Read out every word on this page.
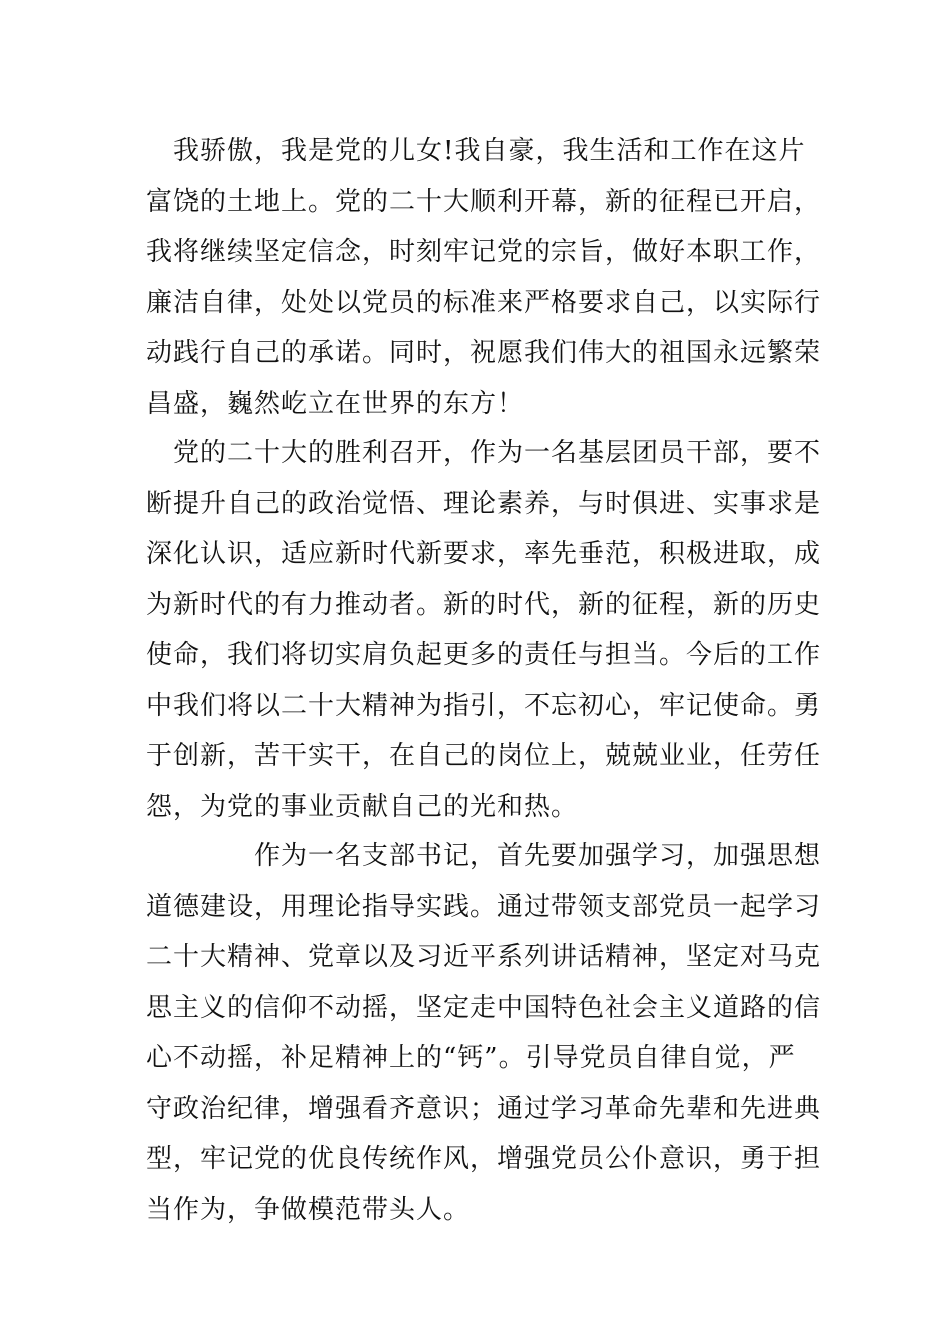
　我骄傲，我是党的儿女!我自豪，我生活和工作在这片
富饶的土地上。党的二十大顺利开幕，新的征程已开启，
我将继续坚定信念，时刻牢记党的宗旨，做好本职工作，
廉洁自律，处处以党员的标准来严格要求自己，以实际行
动践行自己的承诺。同时，祝愿我们伟大的祖国永远繁荣
昌盛，巍然屹立在世界的东方！
　党的二十大的胜利召开，作为一名基层团员干部，要不
断提升自己的政治觉悟、理论素养，与时俱进、实事求是
深化认识，适应新时代新要求，率先垂范，积极进取，成
为新时代的有力推动者。新的时代，新的征程，新的历史
使命，我们将切实肩负起更多的责任与担当。今后的工作
中我们将以二十大精神为指引，不忘初心，牢记使命。勇
于创新，苦干实干，在自己的岗位上，兢兢业业，任劳任
怨，为党的事业贡献自己的光和热。
　　　　作为一名支部书记，首先要加强学习，加强思想
道德建设，用理论指导实践。通过带领支部党员一起学习
二十大精神、党章以及习近平系列讲话精神，坚定对马克
思主义的信仰不动摇，坚定走中国特色社会主义道路的信
心不动摇，补足精神上的“钙”。引导党员自律自觉，严
守政治纪律，增强看齐意识；通过学习革命先辈和先进典
型，牢记党的优良传统作风，增强党员公仆意识，勇于担
当作为，争做模范带头人。
